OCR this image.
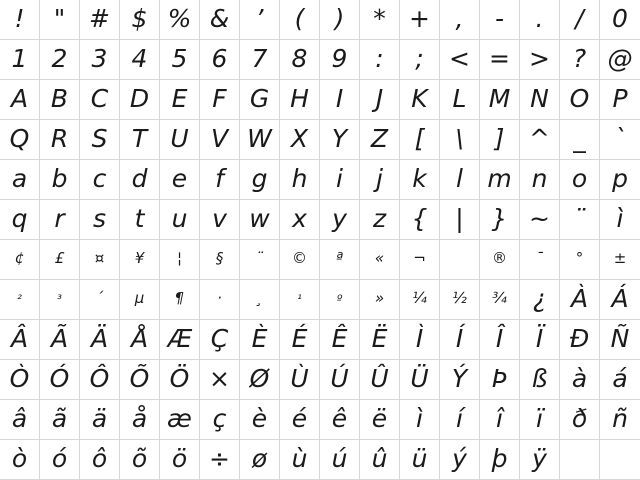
! " # $ % & ’ ( ) * + , - . / 0
1 2 3 4 5 6 7 8 9 : ; < = > ? @
A B C D E F G H I J K L M N O P
Q R S T U V W X Y Z [ \ ] ^ _ `
a b c d e f g h i j k l m n o p
q r s t u v w x y z { | } ~ ¨ ì
¢ £ ¤ ¥ ¦ § ¨ © ª « ¬	® ¯ ° ±
²	³ ´ µ ¶ · ¸	¹	º » ¼ ½ ¾ ¿ À Á
Â Ã Ä Å Æ Ç È É Ê Ë Ì Í Î Ï Ð Ñ
Ò Ó Ô Õ Ö × Ø Ù Ú Û Ü Ý Þ ß à á
â ã ä å æ ç è é ê ë ì í î ï ð ñ
ò ó ô õ ö ÷ ø ù ú û ü ý þ ÿ
